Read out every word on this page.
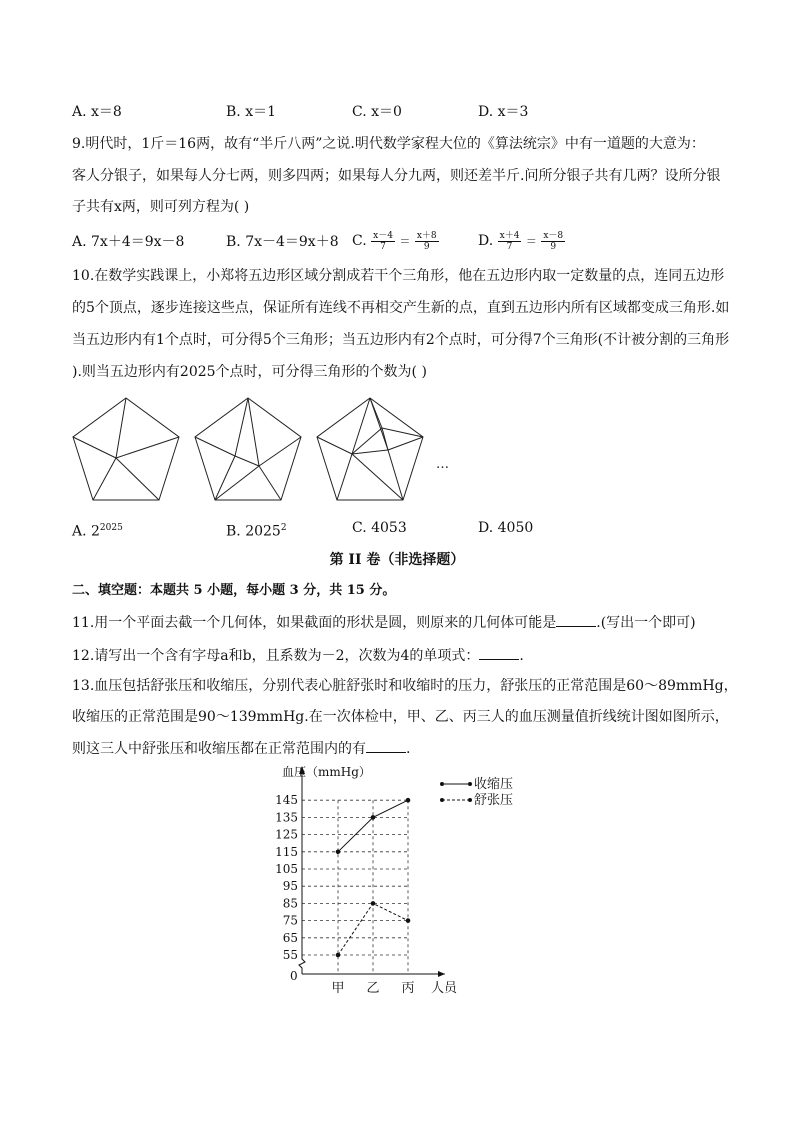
A. x＝8	B. x＝1	C. x＝0	D. x＝3
9.明代时，1斤＝16两，故有“半斤八两”之说.明代数学家程大位的《算法统宗》中有一道题的大意为：
客人分银子，如果每人分七两，则多四两；如果每人分九两，则还差半斤.问所分银子共有几两？设所分银
子共有x两，则可列方程为( )
A. 7x＋4＝9x－8	B. 7x－4＝9x＋8 C. $\frac{x-4}{7} = \frac{x+8}{9}$	D. $\frac{x+4}{7} = \frac{x-8}{9}$
10.在数学实践课上，小郑将五边形区域分割成若干个三角形，他在五边形内取一定数量的点，连同五边形
的5个顶点，逐步连接这些点，保证所有连线不再相交产生新的点，直到五边形内所有区域都变成三角形.如
当五边形内有1个点时，可分得5个三角形；当五边形内有2个点时，可分得7个三角形(不计被分割的三角形
).则当五边形内有2025个点时，可分得三角形的个数为( )
…
A. $2^{2025}$	B. 2025$^2$	C. 4053	D. 4050
第 II 卷（非选择题）
二、填空题：本题共 5 小题，每小题 3 分，共 15 分。
11.用一个平面去截一个几何体，如果截面的形状是圆，则原来的几何体可能是	.(写出一个即可)
12.请写出一个含有字母a和b，且系数为－2，次数为4的单项式：	.
13.血压包括舒张压和收缩压，分别代表心脏舒张时和收缩时的压力，舒张压的正常范围是60～89mmHg，
收缩压的正常范围是90～139mmHg.在一次体检中，甲、乙、丙三人的血压测量值折线统计图如图所示，
则这三人中舒张压和收缩压都在正常范围内的有	.
55
65
75
85
95
105
115
125
135
145
血压（mmHg）
人员
0
甲 乙 丙
收缩压
舒张压
